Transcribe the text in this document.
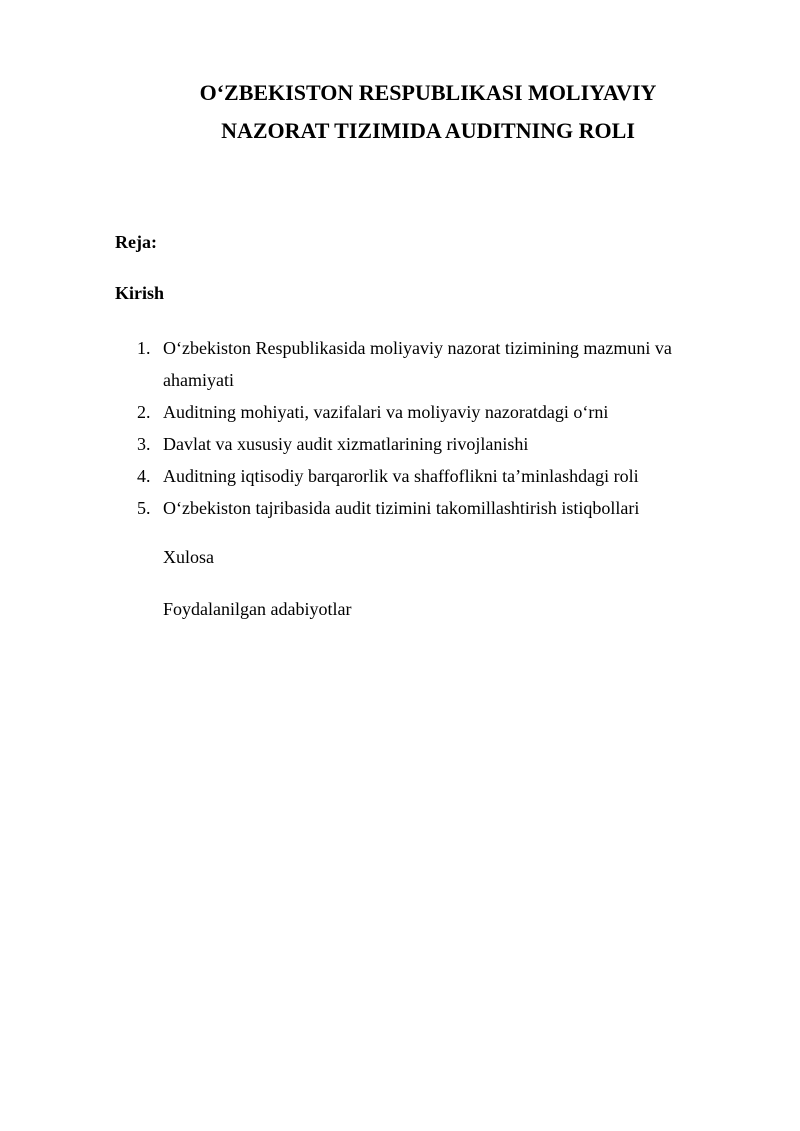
O‘ZBEKISTON RESPUBLIKASI MOLIYAVIY
NAZORAT TIZIMIDA AUDITNING ROLI
Reja:
Kirish
1. O‘zbekiston Respublikasida moliyaviy nazorat tizimining mazmuni va ahamiyati
2. Auditning mohiyati, vazifalari va moliyaviy nazoratdagi o‘rni
3. Davlat va xususiy audit xizmatlarining rivojlanishi
4. Auditning iqtisodiy barqarorlik va shaffoflikni ta’minlashdagi roli
5. O‘zbekiston tajribasida audit tizimini takomillashtirish istiqbollari
Xulosa
Foydalanilgan adabiyotlar
